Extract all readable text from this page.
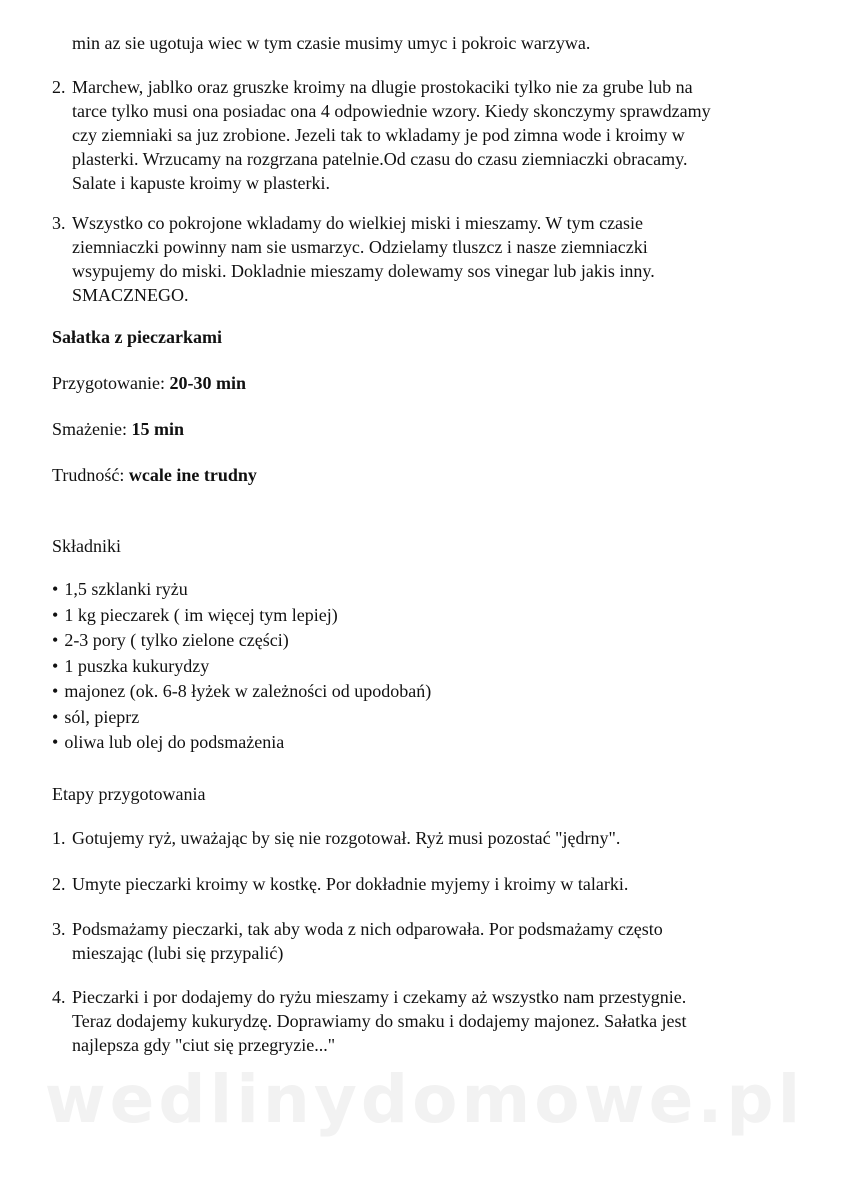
min az sie ugotuja wiec w tym czasie musimy umyc i pokroic warzywa.
2. Marchew, jablko oraz gruszke kroimy na dlugie prostokaciki tylko nie za grube lub na
tarce tylko musi ona posiadac ona 4 odpowiednie wzory. Kiedy skonczymy sprawdzamy
czy ziemniaki sa juz zrobione. Jezeli tak to wkladamy je pod zimna wode i kroimy w
plasterki. Wrzucamy na rozgrzana patelnie.Od czasu do czasu ziemniaczki obracamy.
Salate i kapuste kroimy w plasterki.
3. Wszystko co pokrojone wkladamy do wielkiej miski i mieszamy. W tym czasie
ziemniaczki powinny nam sie usmarzyc. Odzielamy tluszcz i nasze ziemniaczki
wsypujemy do miski. Dokladnie mieszamy dolewamy sos vinegar lub jakis inny.
SMACZNEGO.
Sałatka z pieczarkami
Przygotowanie: 20-30 min
Smażenie: 15 min
Trudność: wcale ine trudny
Składniki
• 1,5 szklanki ryżu
• 1 kg pieczarek ( im więcej tym lepiej)
• 2-3 pory ( tylko zielone części)
• 1 puszka kukurydzy
• majonez (ok. 6-8 łyżek w zależności od upodobań)
• sól, pieprz
• oliwa lub olej do podsmażenia
Etapy przygotowania
1. Gotujemy ryż, uważając by się nie rozgotował. Ryż musi pozostać "jędrny".
2. Umyte pieczarki kroimy w kostkę. Por dokładnie myjemy i kroimy w talarki.
3. Podsmażamy pieczarki, tak aby woda z nich odparowała. Por podsmażamy często
mieszając (lubi się przypalić)
4. Pieczarki i por dodajemy do ryżu mieszamy i czekamy aż wszystko nam przestygnie.
Teraz dodajemy kukurydzę. Doprawiamy do smaku i dodajemy majonez. Sałatka jest
najlepsza gdy "ciut się przegryzie..."
wedlinydomowe.pl
